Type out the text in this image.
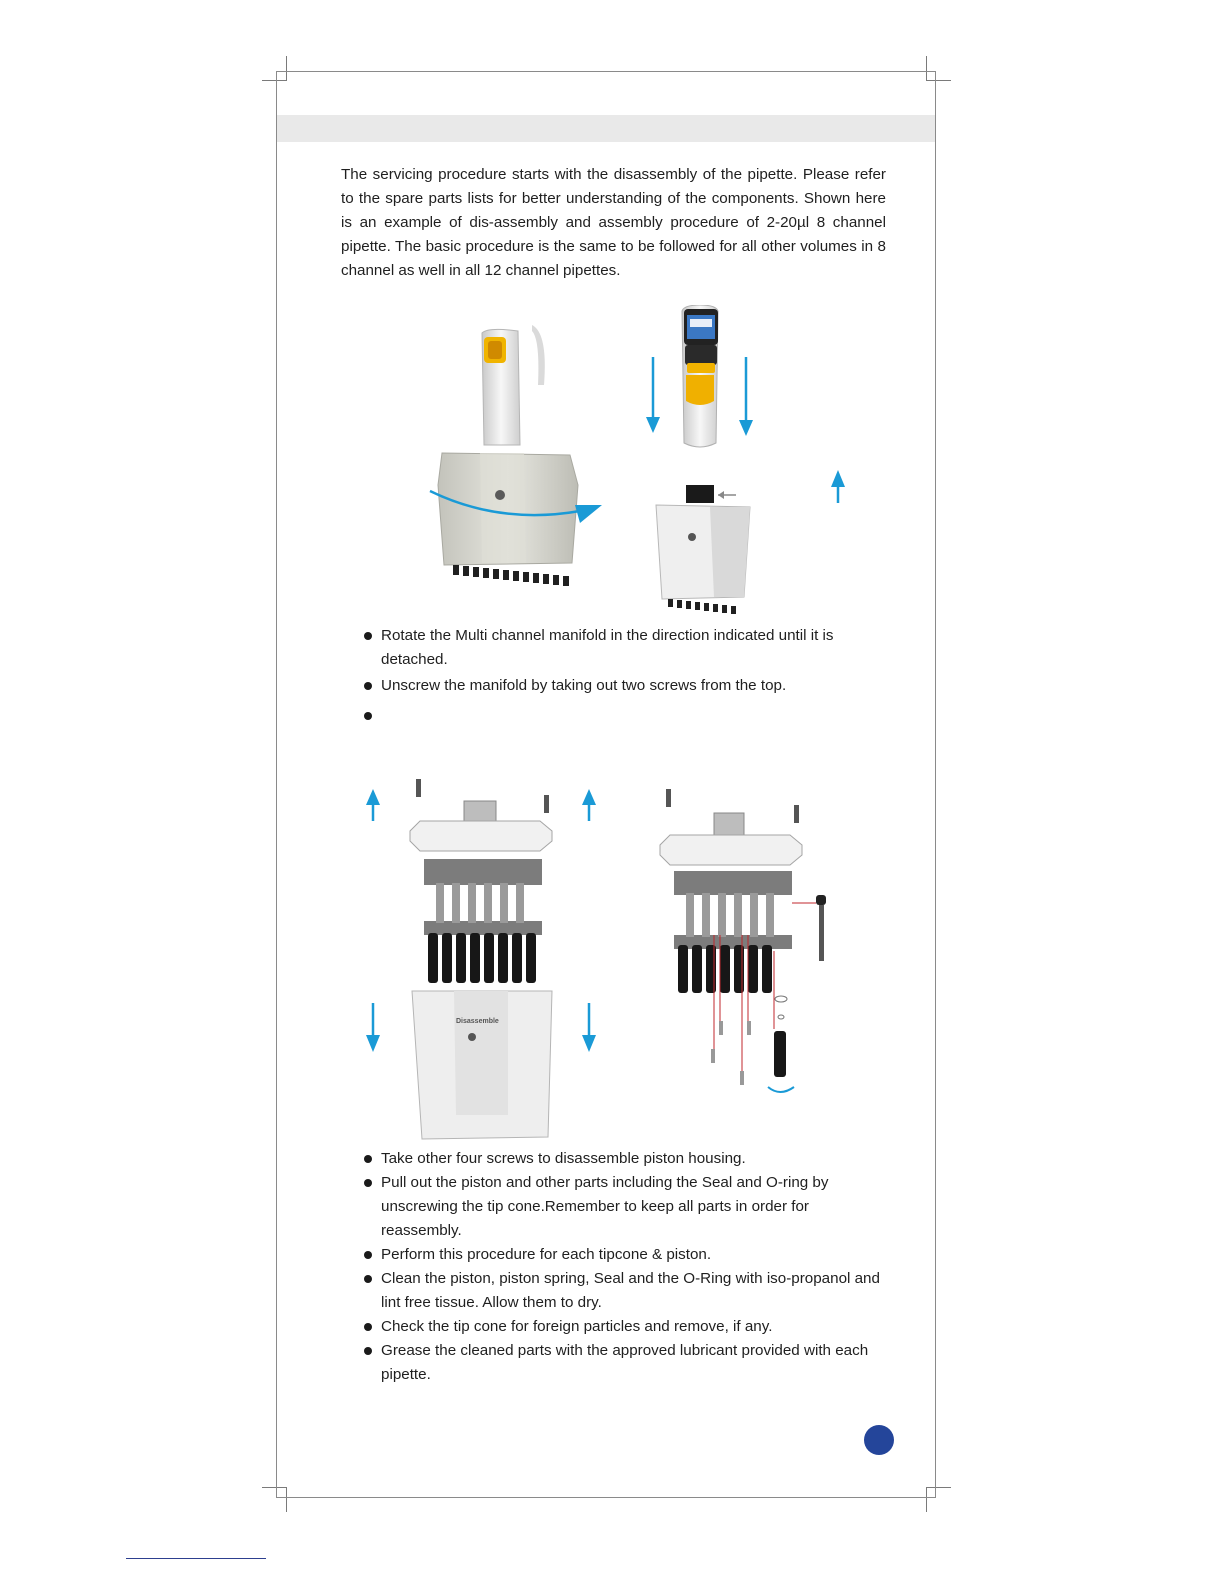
The servicing procedure starts with the disassembly of the pipette. Please refer to the spare parts lists for better understanding of the components. Shown here is an example of dis-assembly and assembly procedure of 2-20µl 8 channel pipette. The basic procedure is the same to be followed for all other volumes in 8 channel as well in all 12 channel pipettes.

Rotate the Multi channel manifold in the direction indicated until it is detached.
Unscrew the manifold by taking out two screws from the top.
Disassemble
Take other four screws to disassemble piston housing.
Pull out the piston and other parts including the Seal and O-ring by unscrewing the tip cone.Remember to keep all parts in order for reassembly.
Perform this procedure for each tipcone & piston.
Clean the piston, piston spring, Seal and the O-Ring with iso-propanol and lint free tissue. Allow them to dry.
Check the tip cone for foreign particles and remove, if any.
Grease the cleaned parts with the approved lubricant provided with each pipette.
